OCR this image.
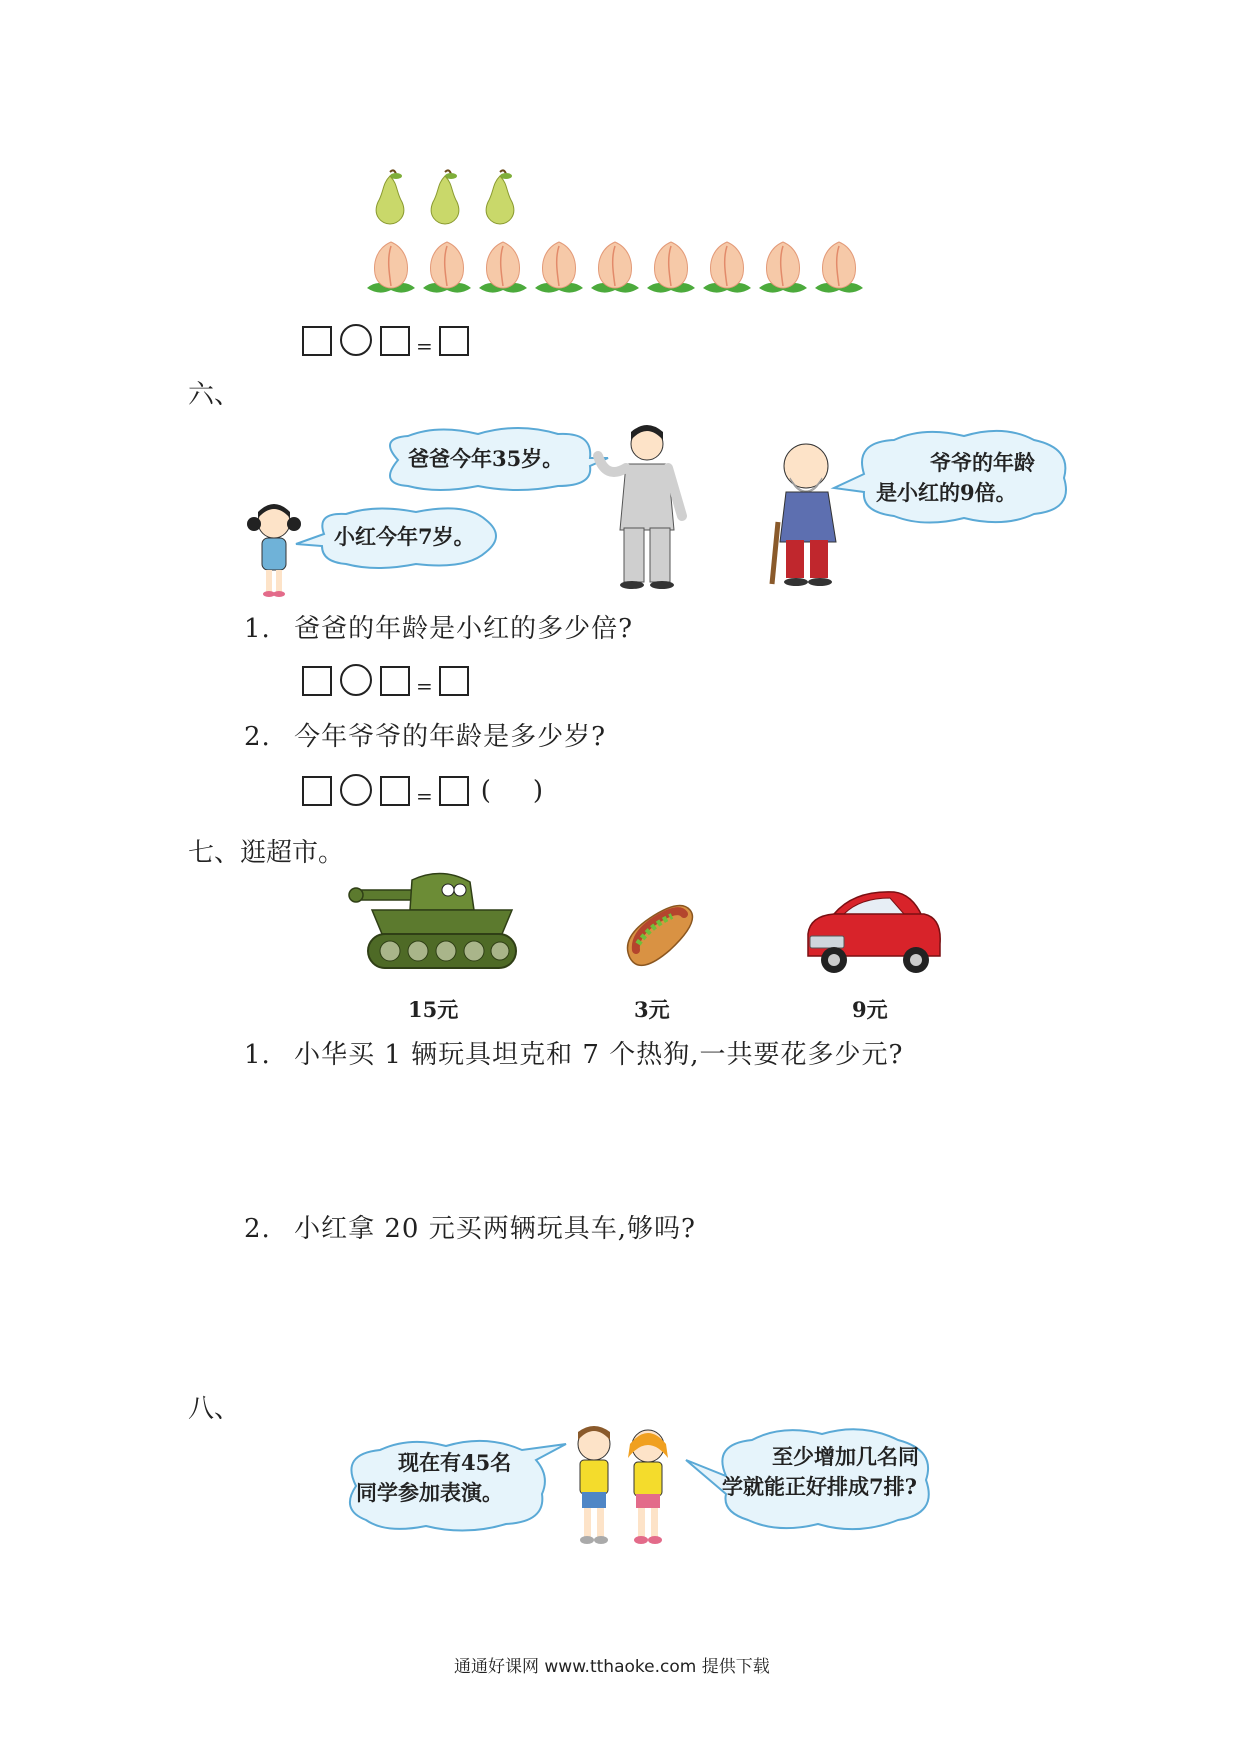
=
六、
爸爸今年35岁。
小红今年7岁。
爷爷的年龄
是小红的9倍。
1. 爸爸的年龄是小红的多少倍?
=
2. 今年爷爷的年龄是多少岁?
= ( )
七、逛超市。
15元	3元	9元
1. 小华买 1 辆玩具坦克和 7 个热狗,一共要花多少元?
2. 小红拿 20 元买两辆玩具车,够吗?
八、
现在有45名
同学参加表演。
至少增加几名同
学就能正好排成7排?
通通好课网 www.tthaoke.com 提供下载
